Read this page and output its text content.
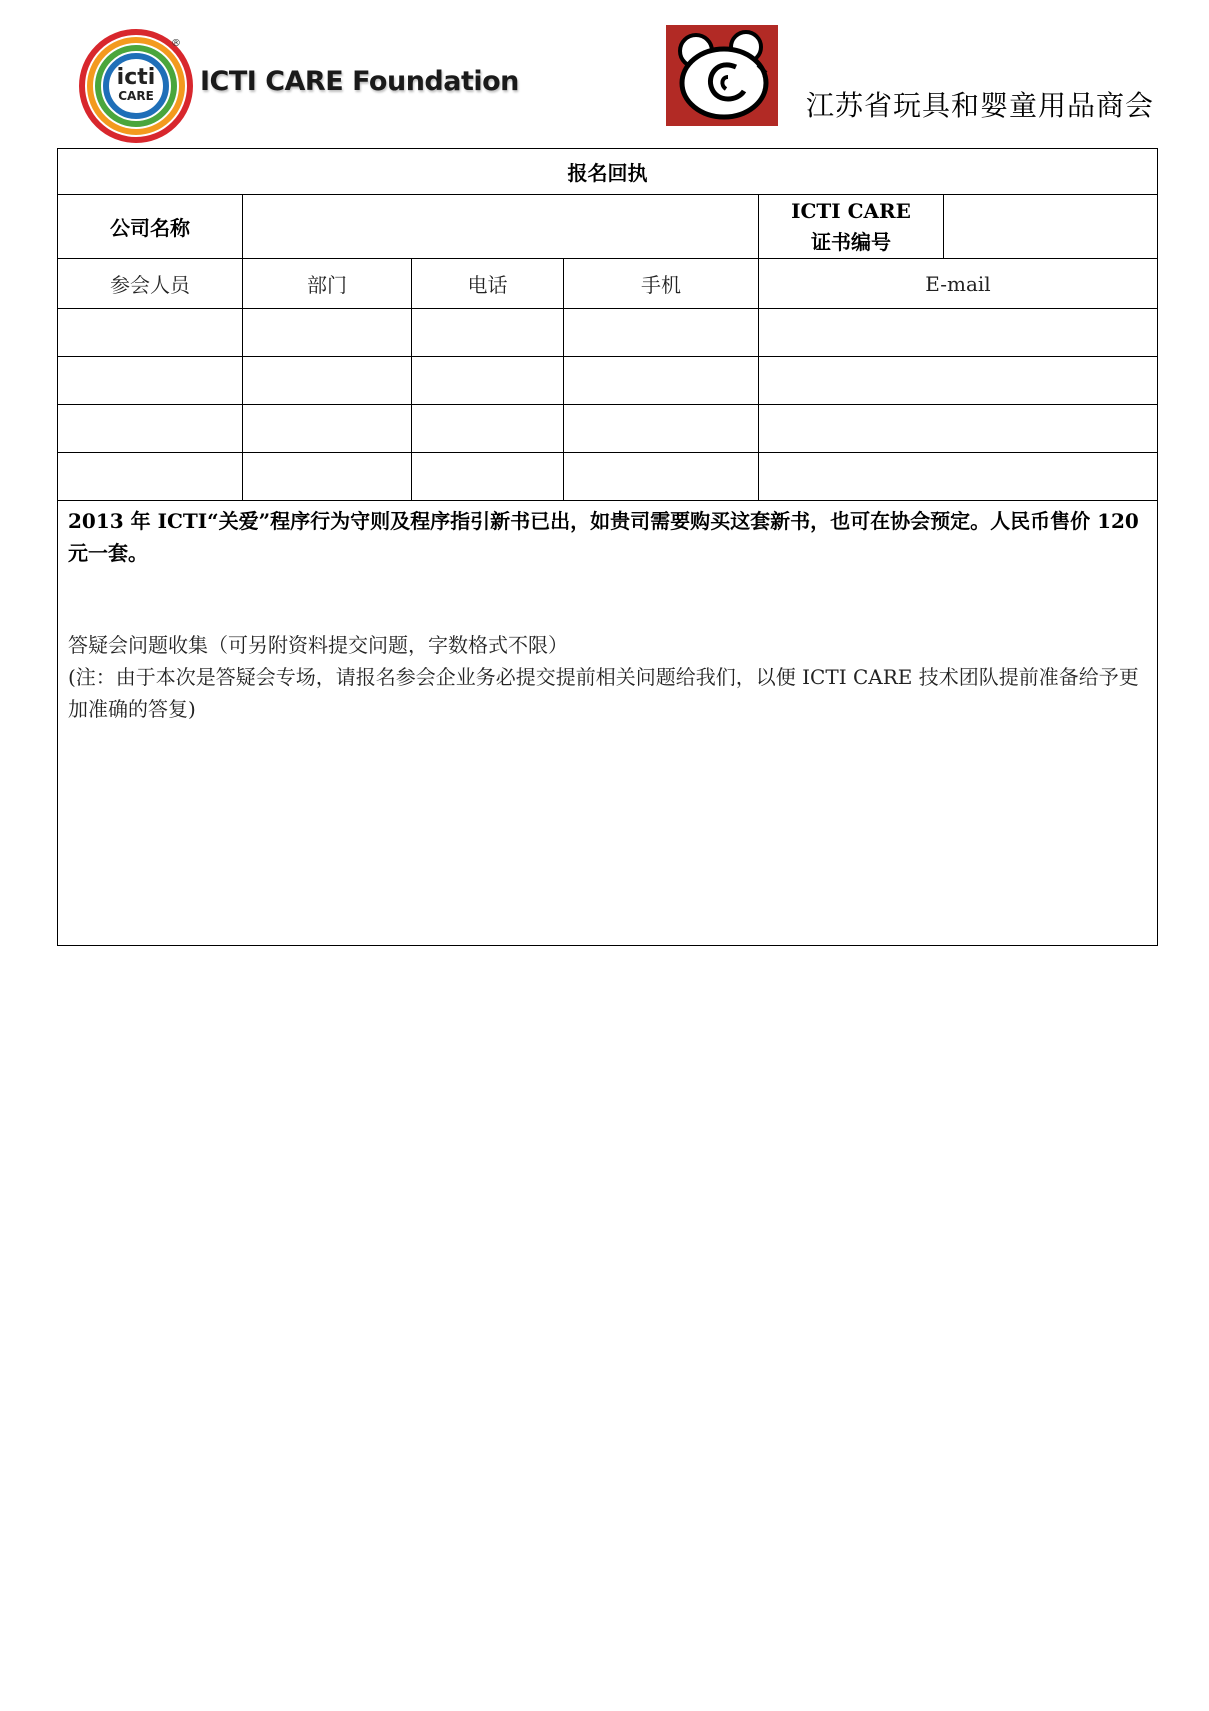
icti
CARE
®
ICTI CARE Foundation
江苏省玩具和婴童用品商会
报名回执					
公司名称				ICTI CARE
证书编号	

参会人员	部门	电话	手机	E-mail	

2013 年 ICTI“关爱”程序行为守则及程序指引新书已出，如贵司需要购买这套新书，也可在协会预定。人民币售价 120 元一套。

答疑会问题收集（可另附资料提交问题，字数格式不限）

(注：由于本次是答疑会专场，请报名参会企业务必提交提前相关问题给我们，以便 ICTI CARE 技术团队提前准备给予更加准确的答复)					
